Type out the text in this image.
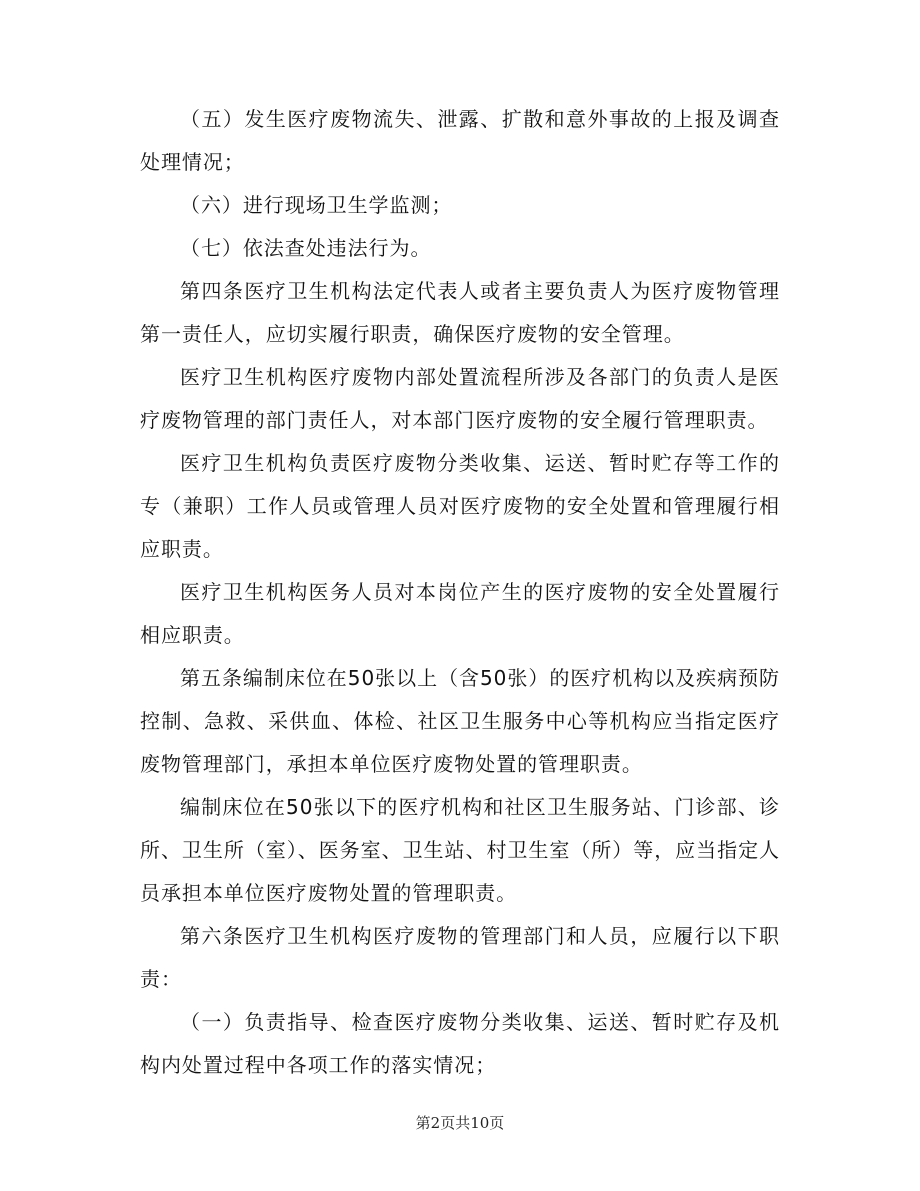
（五）发生医疗废物流失、泄露、扩散和意外事故的上报及调查处理情况；

（六）进行现场卫生学监测；

（七）依法查处违法行为。

第四条医疗卫生机构法定代表人或者主要负责人为医疗废物管理第一责任人，应切实履行职责，确保医疗废物的安全管理。

医疗卫生机构医疗废物内部处置流程所涉及各部门的负责人是医疗废物管理的部门责任人，对本部门医疗废物的安全履行管理职责。

医疗卫生机构负责医疗废物分类收集、运送、暂时贮存等工作的专（兼职）工作人员或管理人员对医疗废物的安全处置和管理履行相应职责。

医疗卫生机构医务人员对本岗位产生的医疗废物的安全处置履行相应职责。

第五条编制床位在50张以上（含50张）的医疗机构以及疾病预防控制、急救、采供血、体检、社区卫生服务中心等机构应当指定医疗废物管理部门，承担本单位医疗废物处置的管理职责。

编制床位在50张以下的医疗机构和社区卫生服务站、门诊部、诊所、卫生所（室）、医务室、卫生站、村卫生室（所）等，应当指定人员承担本单位医疗废物处置的管理职责。

第六条医疗卫生机构医疗废物的管理部门和人员，应履行以下职责：

（一）负责指导、检查医疗废物分类收集、运送、暂时贮存及机构内处置过程中各项工作的落实情况；

第2页共10页
